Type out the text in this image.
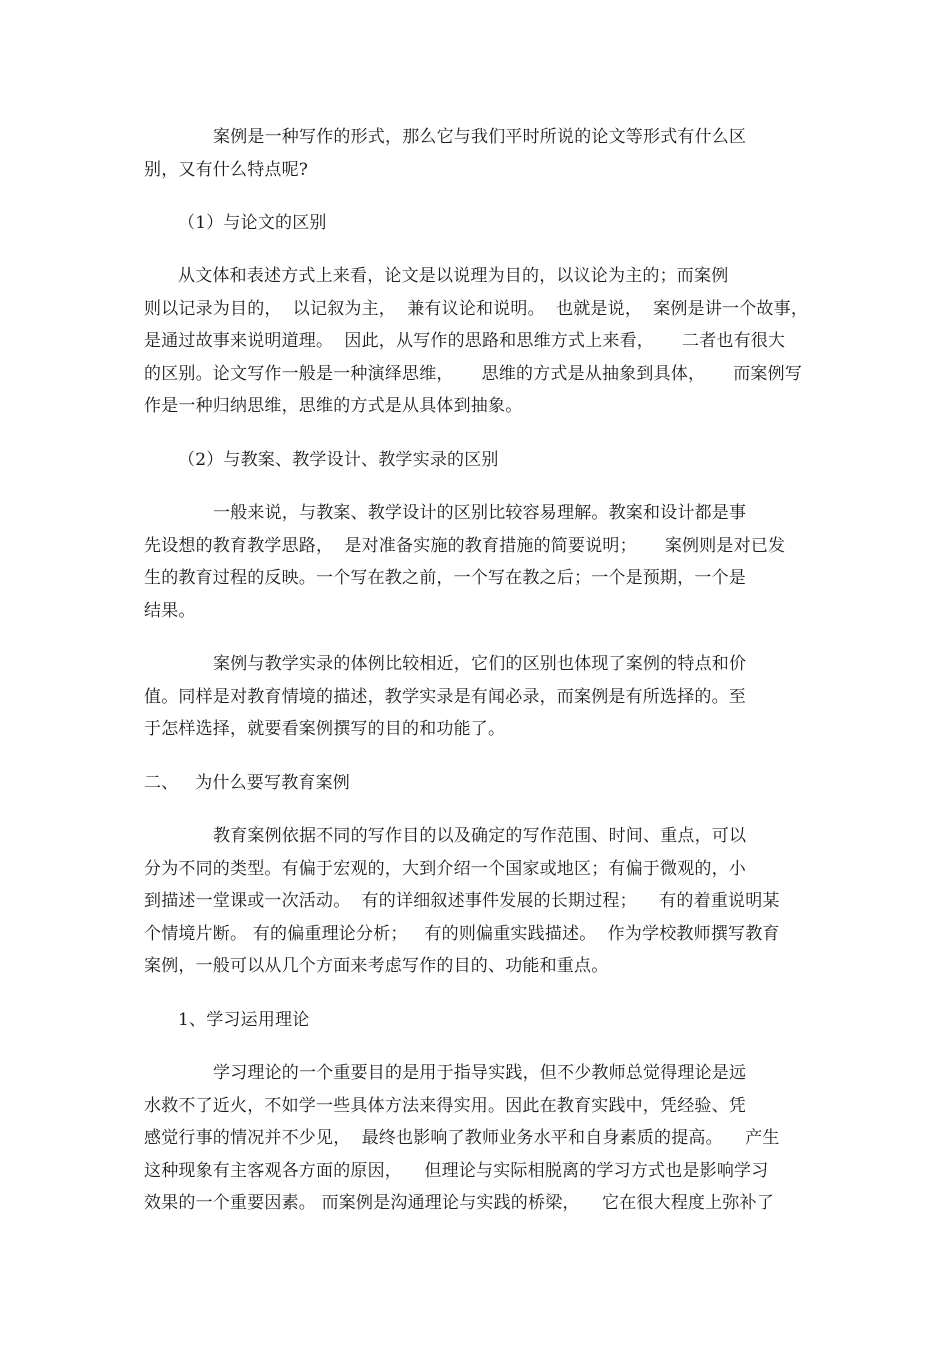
案例是一种写作的形式，那么它与我们平时所说的论文等形式有什么区
别，又有什么特点呢?
（1）与论文的区别
从文体和表述方式上来看，论文是以说理为目的，以议论为主的；而案例
则以记录为目的，  以记叙为主，  兼有议论和说明。  也就是说，  案例是讲一个故事，
是通过故事来说明道理。  因此，从写作的思路和思维方式上来看，     二者也有很大
的区别。论文写作一般是一种演绎思维，     思维的方式是从抽象到具体，     而案例写
作是一种归纳思维，思维的方式是从具体到抽象。
（2）与教案、教学设计、教学实录的区别
一般来说，与教案、教学设计的区别比较容易理解。教案和设计都是事
先设想的教育教学思路，  是对准备实施的教育措施的简要说明；     案例则是对已发
生的教育过程的反映。一个写在教之前，一个写在教之后；一个是预期，一个是
结果。
案例与教学实录的体例比较相近，它们的区别也体现了案例的特点和价
值。同样是对教育情境的描述，教学实录是有闻必录，而案例是有所选择的。至
于怎样选择，就要看案例撰写的目的和功能了。
二、   为什么要写教育案例
教育案例依据不同的写作目的以及确定的写作范围、时间、重点，可以
分为不同的类型。有偏于宏观的，大到介绍一个国家或地区；有偏于微观的，小
到描述一堂课或一次活动。  有的详细叙述事件发展的长期过程；    有的着重说明某
个情境片断。 有的偏重理论分析；   有的则偏重实践描述。  作为学校教师撰写教育
案例，一般可以从几个方面来考虑写作的目的、功能和重点。
1、学习运用理论
学习理论的一个重要目的是用于指导实践，但不少教师总觉得理论是远
水救不了近火，不如学一些具体方法来得实用。因此在教育实践中，凭经验、凭
感觉行事的情况并不少见，  最终也影响了教师业务水平和自身素质的提高。    产生
这种现象有主客观各方面的原因，    但理论与实际相脱离的学习方式也是影响学习
效果的一个重要因素。 而案例是沟通理论与实践的桥梁，    它在很大程度上弥补了
